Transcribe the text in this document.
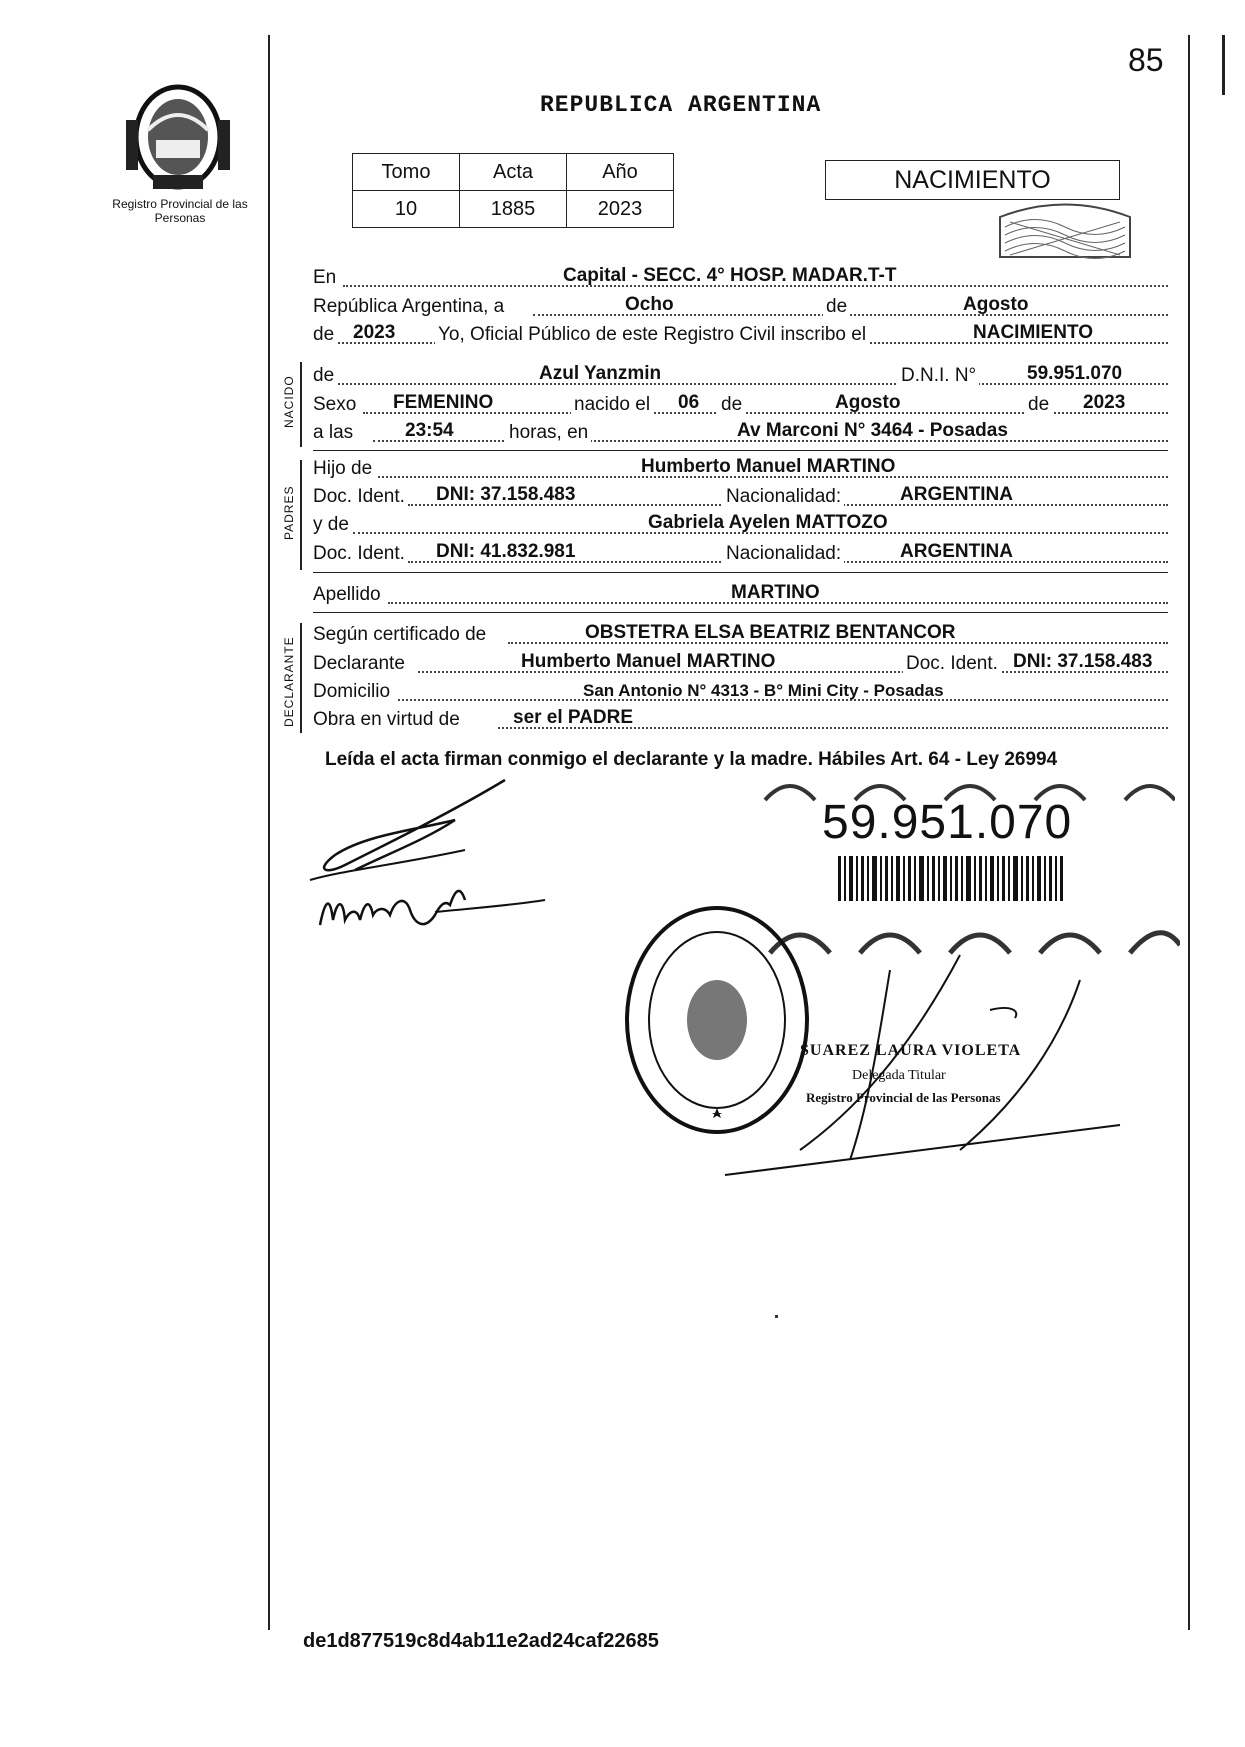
Registro Provincial de las Personas
85
REPUBLICA ARGENTINA
Tomo	Acta	Año
10	1885	2023
NACIMIENTO
En	Capital - SECC. 4° HOSP. MADAR.T-T
República Argentina, a	Ocho	de	Agosto
de 2023 Yo, Oficial Público de este Registro Civil inscribo el	NACIMIENTO
NACIDO de	Azul Yanzmin	D.N.I. N°	59.951.070
Sexo FEMENINO	nacido el 06 de	Agosto	de 2023
a las	23:54	horas, en	Av Marconi N° 3464 - Posadas
PADRES
Hijo de	Humberto Manuel MARTINO
Doc. Ident. DNI: 37.158.483	Nacionalidad:	ARGENTINA
y de	Gabriela Ayelen MATTOZO
Doc. Ident. DNI: 41.832.981	Nacionalidad:	ARGENTINA
Apellido	MARTINO
DECLARANTE
Según certificado de	OBSTETRA ELSA BEATRIZ BENTANCOR
Declarante	Humberto Manuel MARTINO	Doc. Ident. DNI: 37.158.483
Domicilio	San Antonio N° 4313 - B° Mini City - Posadas
Obra en virtud de	ser el PADRE
Leída el acta firman conmigo el declarante y la madre. Hábiles Art. 64 - Ley 26994
59.951.070
SUAREZ LAURA VIOLETA
Delegada Titular
Registro Provincial de las Personas
de1d877519c8d4ab11e2ad24caf22685
